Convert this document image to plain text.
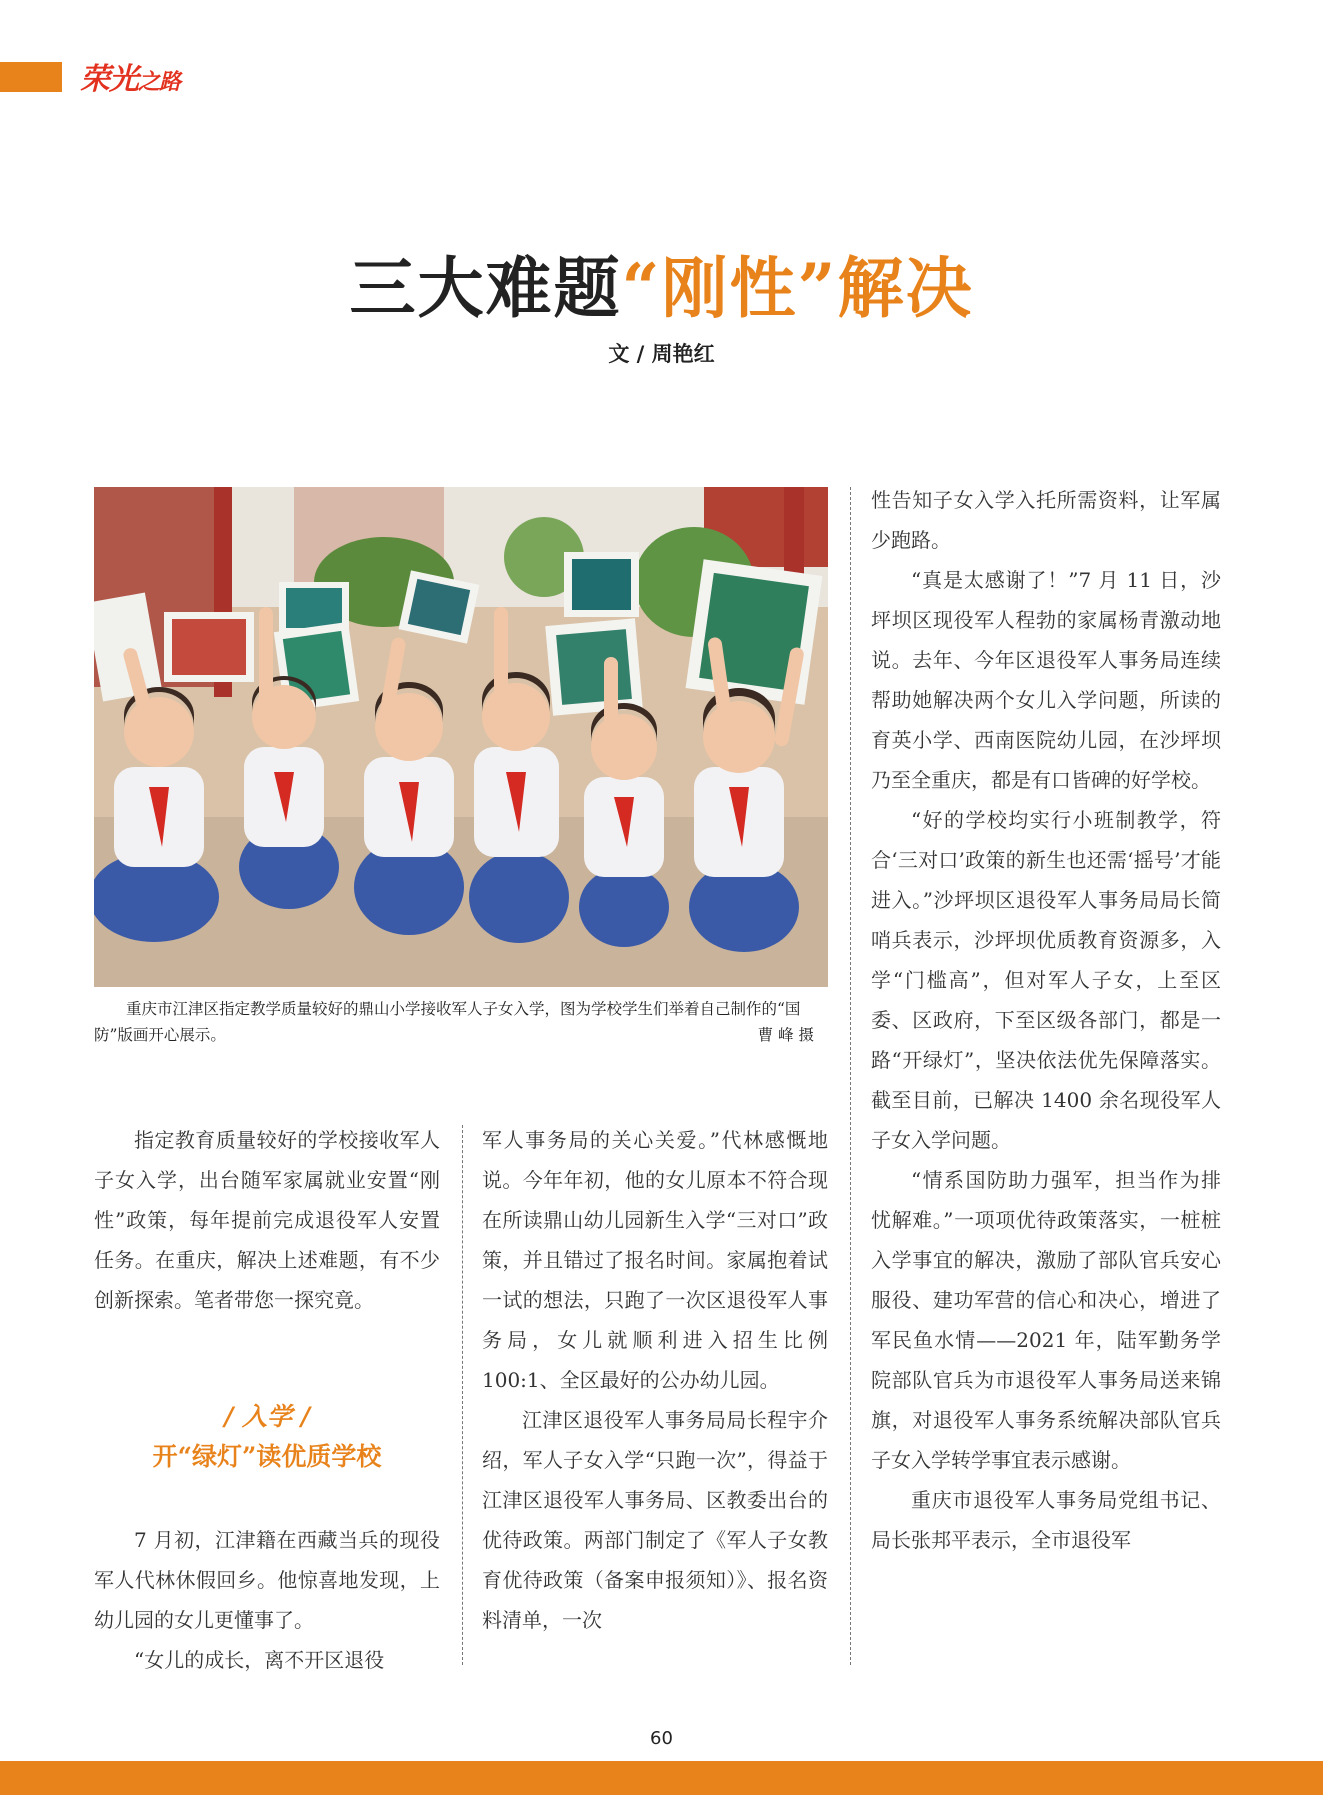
荣光之路
三大难题“刚性”解决
文 / 周艳红
重庆市江津区指定教学质量较好的鼎山小学接收军人子女入学，图为学校学生们举着自己制作的“国防”版画开心展示。	曹 峰 摄

指定教育质量较好的学校接收军人子女入学，出台随军家属就业安置“刚性”政策，每年提前完成退役军人安置任务。在重庆，解决上述难题，有不少创新探索。笔者带您一探究竟。

/ 入学 /
开“绿灯”读优质学校

7 月初，江津籍在西藏当兵的现役军人代林休假回乡。他惊喜地发现，上幼儿园的女儿更懂事了。

“女儿的成长，离不开区退役

军人事务局的关心关爱。”代林感慨地说。今年年初，他的女儿原本不符合现在所读鼎山幼儿园新生入学“三对口”政策，并且错过了报名时间。家属抱着试一试的想法，只跑了一次区退役军人事务局，女儿就顺利进入招生比例 100:1、全区最好的公办幼儿园。

江津区退役军人事务局局长程宇介绍，军人子女入学“只跑一次”，得益于江津区退役军人事务局、区教委出台的优待政策。两部门制定了《军人子女教育优待政策（备案申报须知）》、报名资料清单，一次

性告知子女入学入托所需资料，让军属少跑路。

“真是太感谢了！”7 月 11 日，沙坪坝区现役军人程勃的家属杨青激动地说。去年、今年区退役军人事务局连续帮助她解决两个女儿入学问题，所读的育英小学、西南医院幼儿园，在沙坪坝乃至全重庆，都是有口皆碑的好学校。

“好的学校均实行小班制教学，符合‘三对口’政策的新生也还需‘摇号’才能进入。”沙坪坝区退役军人事务局局长简哨兵表示，沙坪坝优质教育资源多，入学“门槛高”，但对军人子女，上至区委、区政府，下至区级各部门，都是一路“开绿灯”，坚决依法优先保障落实。截至目前，已解决 1400 余名现役军人子女入学问题。

“情系国防助力强军，担当作为排忧解难。”一项项优待政策落实，一桩桩入学事宜的解决，激励了部队官兵安心服役、建功军营的信心和决心，增进了军民鱼水情——2021 年，陆军勤务学院部队官兵为市退役军人事务局送来锦旗，对退役军人事务系统解决部队官兵子女入学转学事宜表示感谢。

重庆市退役军人事务局党组书记、局长张邦平表示，全市退役军

60
